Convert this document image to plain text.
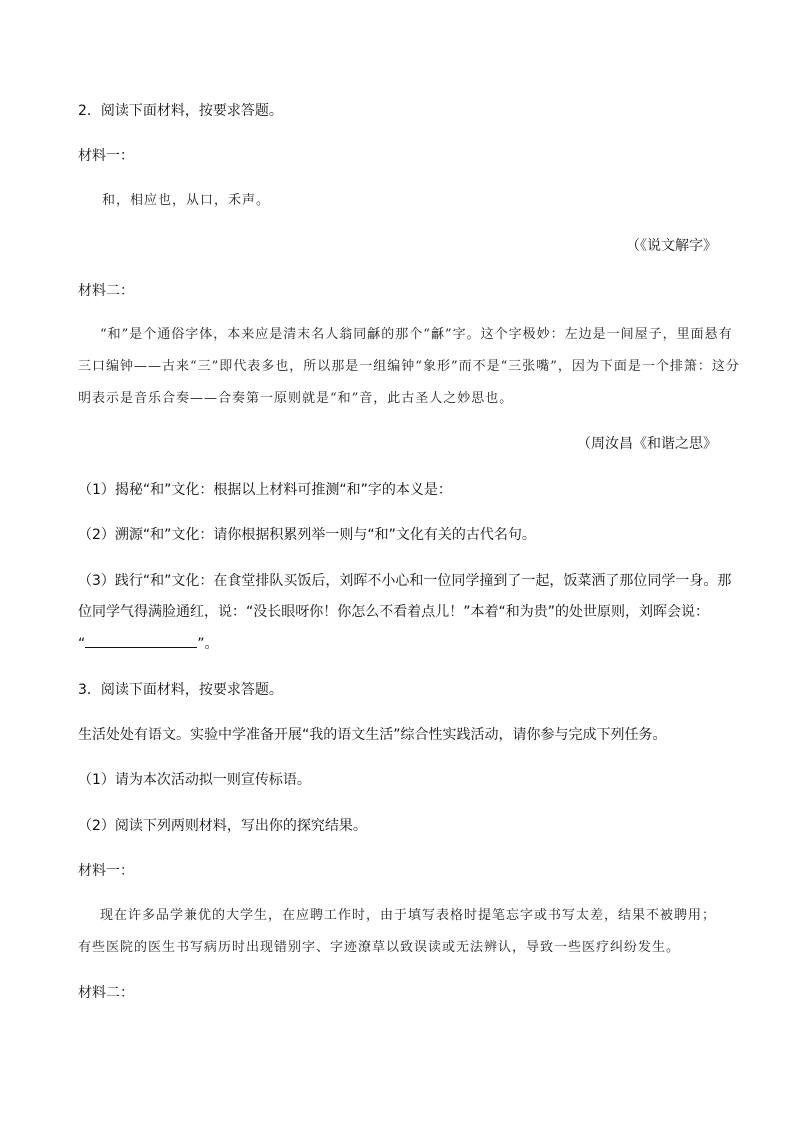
2．阅读下面材料，按要求答题。
材料一：
和，相应也，从口，禾声。
（《说文解字》
材料二：
“和”是个通俗字体，本来应是清末名人翁同龢的那个“龢”字。这个字极妙：左边是一间屋子，里面悬有
三口编钟——古来“三”即代表多也，所以那是一组编钟“象形”而不是“三张嘴”，因为下面是一个排箫：这分
明表示是音乐合奏——合奏第一原则就是“和”音，此古圣人之妙思也。
（周汝昌《和谐之思》
（1）揭秘“和”文化：根据以上材料可推测“和”字的本义是：
（2）溯源“和”文化：请你根据积累列举一则与“和”文化有关的古代名句。
（3）践行“和”文化：在食堂排队买饭后，刘晖不小心和一位同学撞到了一起，饭菜洒了那位同学一身。那
位同学气得满脸通红，说：“没长眼呀你！你怎么不看着点儿！”本着“和为贵”的处世原则，刘晖会说：
“	”。
3．阅读下面材料，按要求答题。
生活处处有语文。实验中学准备开展“我的语文生活”综合性实践活动，请你参与完成下列任务。
（1）请为本次活动拟一则宣传标语。
（2）阅读下列两则材料，写出你的探究结果。
材料一：
现在许多品学兼优的大学生，在应聘工作时，由于填写表格时提笔忘字或书写太差，结果不被聘用；
有些医院的医生书写病历时出现错别字、字迹潦草以致误读或无法辨认，导致一些医疗纠纷发生。
材料二：
